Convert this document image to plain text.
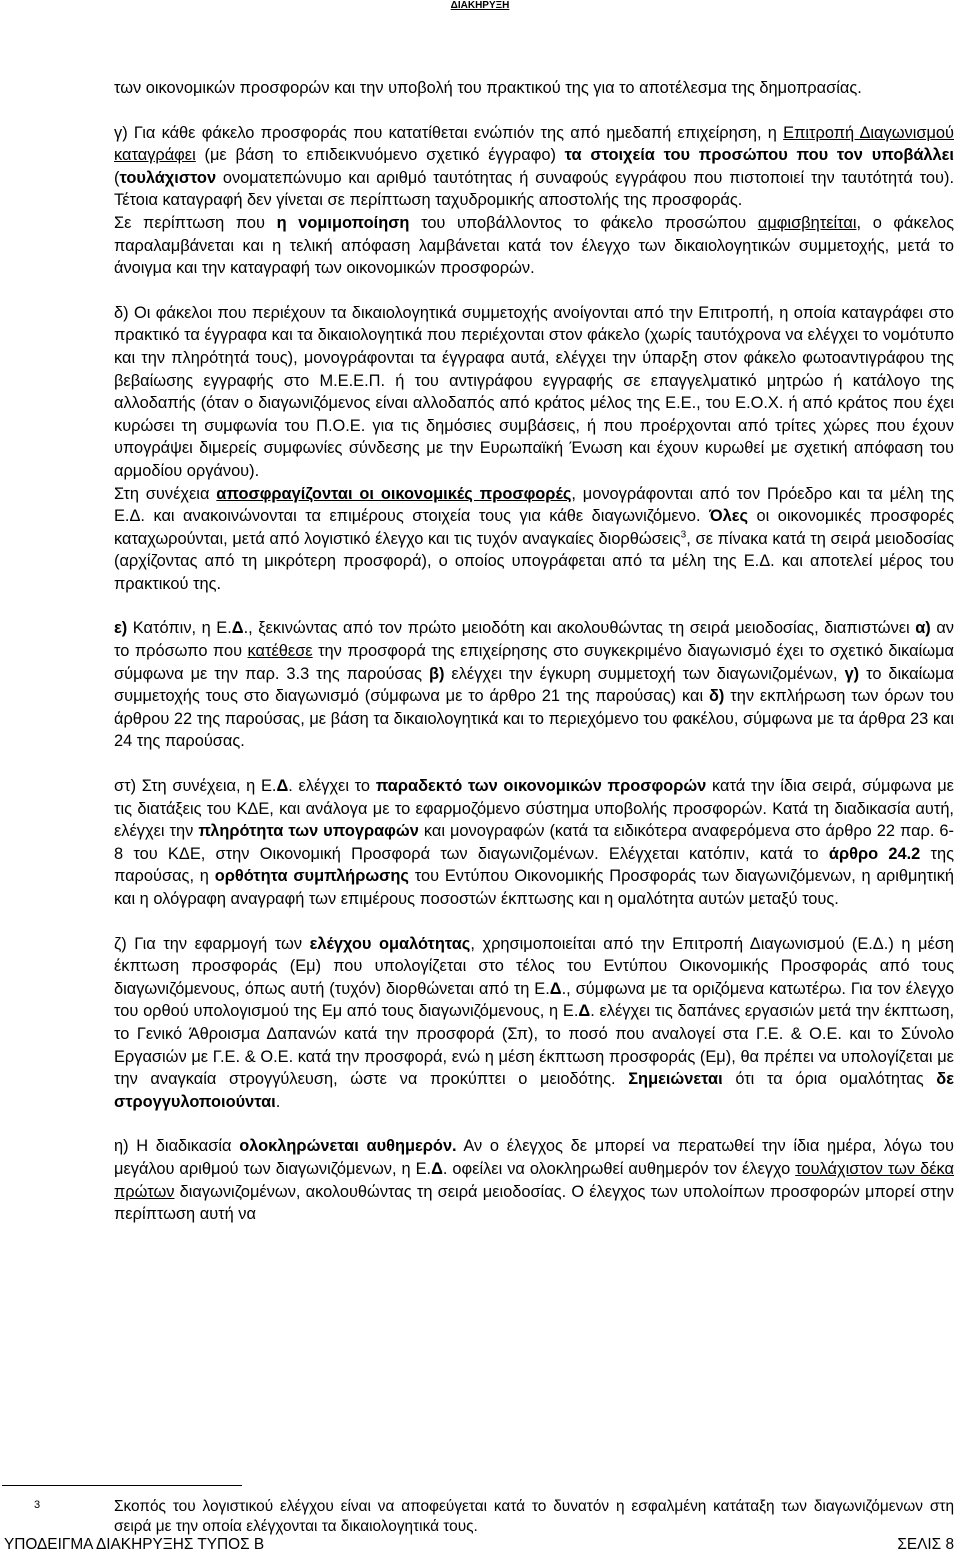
ΔΙΑΚΗΡΥΞΗ

των οικονομικών προσφορών και την υποβολή του πρακτικού της για το αποτέλεσμα της δημοπρασίας.

γ) Για κάθε φάκελο προσφοράς που κατατίθεται ενώπιόν της από ημεδαπή επιχείρηση, η Επιτροπή Διαγωνισμού καταγράφει (με βάση το επιδεικνυόμενο σχετικό έγγραφο) τα στοιχεία του προσώπου που τον υποβάλλει (τουλάχιστον ονοματεπώνυμο και αριθμό ταυτότητας ή συναφούς εγγράφου που πιστοποιεί την ταυτότητά του). Τέτοια καταγραφή δεν γίνεται σε περίπτωση ταχυδρομικής αποστολής της προσφοράς.

Σε περίπτωση που η νομιμοποίηση του υποβάλλοντος το φάκελο προσώπου αμφισβητείται, ο φάκελος παραλαμβάνεται και η τελική απόφαση λαμβάνεται κατά τον έλεγχο των δικαιολογητικών συμμετοχής, μετά το άνοιγμα και την καταγραφή των οικονομικών προσφορών.

δ) Οι φάκελοι που περιέχουν τα δικαιολογητικά συμμετοχής ανοίγονται από την Επιτροπή, η οποία καταγράφει στο πρακτικό τα έγγραφα και τα δικαιολογητικά που περιέχονται στον φάκελο (χωρίς ταυτόχρονα να ελέγχει το νομότυπο και την πληρότητά τους), μονογράφονται τα έγγραφα αυτά, ελέγχει την ύπαρξη στον φάκελο φωτοαντιγράφου της βεβαίωσης εγγραφής στο Μ.Ε.Ε.Π. ή του αντιγράφου εγγραφής σε επαγγελματικό μητρώο ή κατάλογο της αλλοδαπής (όταν ο διαγωνιζόμενος είναι αλλοδαπός από κράτος μέλος της Ε.Ε., του Ε.Ο.Χ. ή από κράτος που έχει κυρώσει τη συμφωνία του Π.Ο.Ε. για τις δημόσιες συμβάσεις, ή που προέρχονται από τρίτες χώρες που έχουν υπογράψει διμερείς συμφωνίες σύνδεσης με την Ευρωπαϊκή Ένωση και έχουν κυρωθεί με σχετική απόφαση του αρμοδίου οργάνου).

Στη συνέχεια αποσφραγίζονται οι οικονομικές προσφορές, μονογράφονται από τον Πρόεδρο και τα μέλη της Ε.Δ. και ανακοινώνονται τα επιμέρους στοιχεία τους για κάθε διαγωνιζόμενο. Όλες οι οικονομικές προσφορές καταχωρούνται, μετά από λογιστικό έλεγχο και τις τυχόν αναγκαίες διορθώσεις$^3$, σε πίνακα κατά τη σειρά μειοδοσίας (αρχίζοντας από τη μικρότερη προσφορά), ο οποίος υπογράφεται από τα μέλη της Ε.Δ. και αποτελεί μέρος του πρακτικού της.

ε) Κατόπιν, η Ε.Δ., ξεκινώντας από τον πρώτο μειοδότη και ακολουθώντας τη σειρά μειοδοσίας, διαπιστώνει α) αν το πρόσωπο που κατέθεσε την προσφορά της επιχείρησης στο συγκεκριμένο διαγωνισμό έχει το σχετικό δικαίωμα σύμφωνα με την παρ. 3.3 της παρούσας β) ελέγχει την έγκυρη συμμετοχή των διαγωνιζομένων, γ) το δικαίωμα συμμετοχής τους στο διαγωνισμό (σύμφωνα με το άρθρο 21 της παρούσας) και δ) την εκπλήρωση των όρων του άρθρου 22 της παρούσας, με βάση τα δικαιολογητικά και το περιεχόμενο του φακέλου, σύμφωνα με τα άρθρα 23 και 24 της παρούσας.

στ) Στη συνέχεια, η Ε.Δ. ελέγχει το παραδεκτό των οικονομικών προσφορών κατά την ίδια σειρά, σύμφωνα με τις διατάξεις του ΚΔΕ, και ανάλογα με το εφαρμοζόμενο σύστημα υποβολής προσφορών. Κατά τη διαδικασία αυτή, ελέγχει την πληρότητα των υπογραφών και μονογραφών (κατά τα ειδικότερα αναφερόμενα στο άρθρο 22 παρ. 6-8 του ΚΔΕ, στην Οικονομική Προσφορά των διαγωνιζομένων. Ελέγχεται κατόπιν, κατά το άρθρο 24.2 της παρούσας, η ορθότητα συμπλήρωσης του Εντύπου Οικονομικής Προσφοράς των διαγωνιζόμενων, η αριθμητική και η ολόγραφη αναγραφή των επιμέρους ποσοστών έκπτωσης και η ομαλότητα αυτών μεταξύ τους.

ζ) Για την εφαρμογή των ελέγχου ομαλότητας, χρησιμοποιείται από την Επιτροπή Διαγωνισμού (Ε.Δ.) η μέση έκπτωση προσφοράς (Εμ) που υπολογίζεται στο τέλος του Εντύπου Οικονομικής Προσφοράς από τους διαγωνιζόμενους, όπως αυτή (τυχόν) διορθώνεται από τη Ε.Δ., σύμφωνα με τα οριζόμενα κατωτέρω. Για τον έλεγχο του ορθού υπολογισμού της Εμ από τους διαγωνιζόμενους, η Ε.Δ. ελέγχει τις δαπάνες εργασιών μετά την έκπτωση, το Γενικό Άθροισμα Δαπανών κατά την προσφορά (Σπ), το ποσό που αναλογεί στα Γ.Ε. & Ο.Ε. και το Σύνολο Εργασιών με Γ.Ε. & Ο.Ε. κατά την προσφορά, ενώ η μέση έκπτωση προσφοράς (Εμ), θα πρέπει να υπολογίζεται με την αναγκαία στρογγύλευση, ώστε να προκύπτει ο μειοδότης. Σημειώνεται ότι τα όρια ομαλότητας δε στρογγυλοποιούνται.

η) Η διαδικασία ολοκληρώνεται αυθημερόν. Αν ο έλεγχος δε μπορεί να περατωθεί την ίδια ημέρα, λόγω του μεγάλου αριθμού των διαγωνιζόμενων, η Ε.Δ. οφείλει να ολοκληρωθεί αυθημερόν τον έλεγχο τουλάχιστον των δέκα πρώτων διαγωνιζομένων, ακολουθώντας τη σειρά μειοδοσίας. Ο έλεγχος των υπολοίπων προσφορών μπορεί στην περίπτωση αυτή να

3	Σκοπός του λογιστικού ελέγχου είναι να αποφεύγεται κατά το δυνατόν η εσφαλμένη κατάταξη των διαγωνιζόμενων στη σειρά με την οποία ελέγχονται τα δικαιολογητικά τους.
ΥΠΟΔΕΙΓΜΑ ΔΙΑΚΗΡΥΞΗΣ ΤΥΠΟΣ Β	ΣΕΛΙΣ 8
